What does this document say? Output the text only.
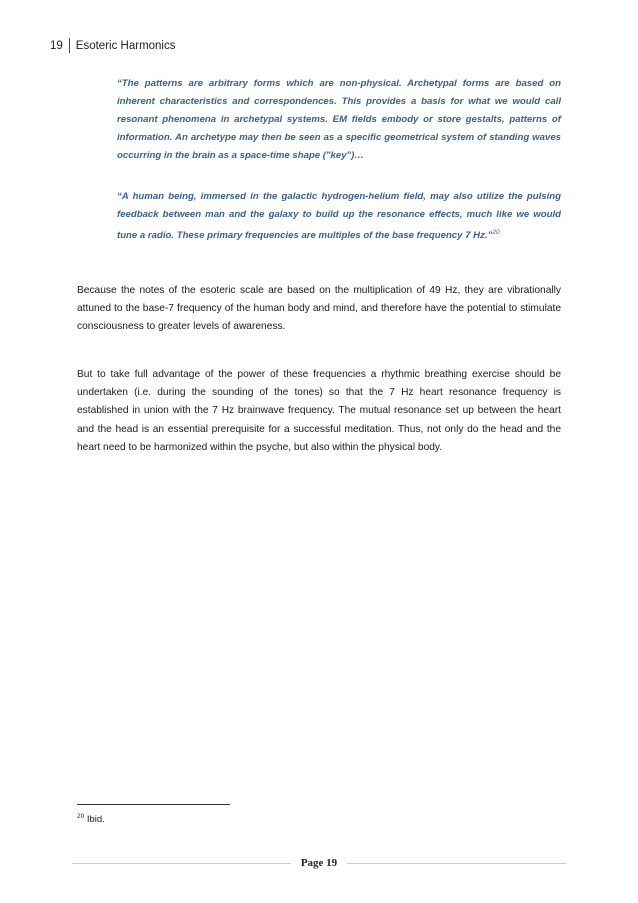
19	Esoteric Harmonics

“The patterns are arbitrary forms which are non-physical. Archetypal forms are based on inherent characteristics and correspondences. This provides a basis for what we would call resonant phenomena in archetypal systems. EM fields embody or store gestalts, patterns of information. An archetype may then be seen as a specific geometrical system of standing waves occurring in the brain as a space-time shape ("key")…

“A human being, immersed in the galactic hydrogen-helium field, may also utilize the pulsing feedback between man and the galaxy to build up the resonance effects, much like we would tune a radio. These primary frequencies are multiples of the base frequency 7 Hz.”$^{20}$

Because the notes of the esoteric scale are based on the multiplication of 49 Hz, they are vibrationally attuned to the base-7 frequency of the human body and mind, and therefore have the potential to stimulate consciousness to greater levels of awareness.

But to take full advantage of the power of these frequencies a rhythmic breathing exercise should be undertaken (i.e. during the sounding of the tones) so that the 7 Hz heart resonance frequency is established in union with the 7 Hz brainwave frequency. The mutual resonance set up between the heart and the head is an essential prerequisite for a successful meditation. Thus, not only do the head and the heart need to be harmonized within the psyche, but also within the physical body.

$^{20}$ Ibid.
Page 19
